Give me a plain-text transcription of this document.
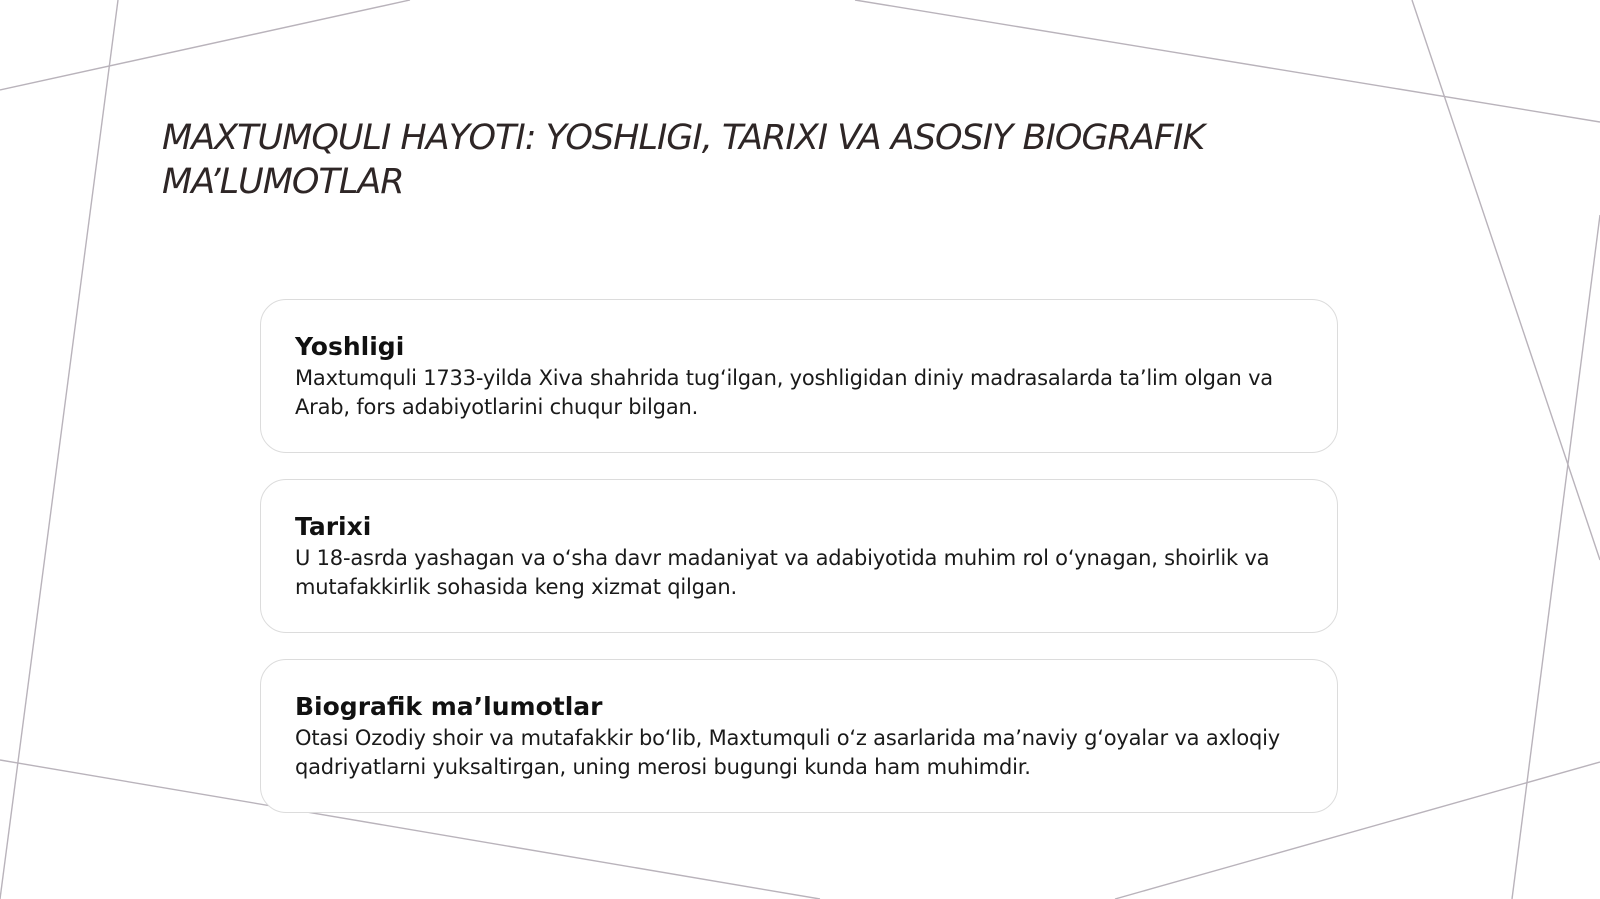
MAXTUMQULI HAYOTI: YOSHLIGI, TARIXI VA ASOSIY BIOGRAFIK MA’LUMOTLAR
Yoshligi

Maxtumquli 1733-yilda Xiva shahrida tug‘ilgan, yoshligidan diniy madrasalarda ta’lim olgan va Arab, fors adabiyotlarini chuqur bilgan.

Tarixi

U 18-asrda yashagan va o‘sha davr madaniyat va adabiyotida muhim rol o‘ynagan, shoirlik va mutafakkirlik sohasida keng xizmat qilgan.

Biografik ma’lumotlar

Otasi Ozodiy shoir va mutafakkir bo‘lib, Maxtumquli o‘z asarlarida ma’naviy g‘oyalar va axloqiy qadriyatlarni yuksaltirgan, uning merosi bugungi kunda ham muhimdir.
